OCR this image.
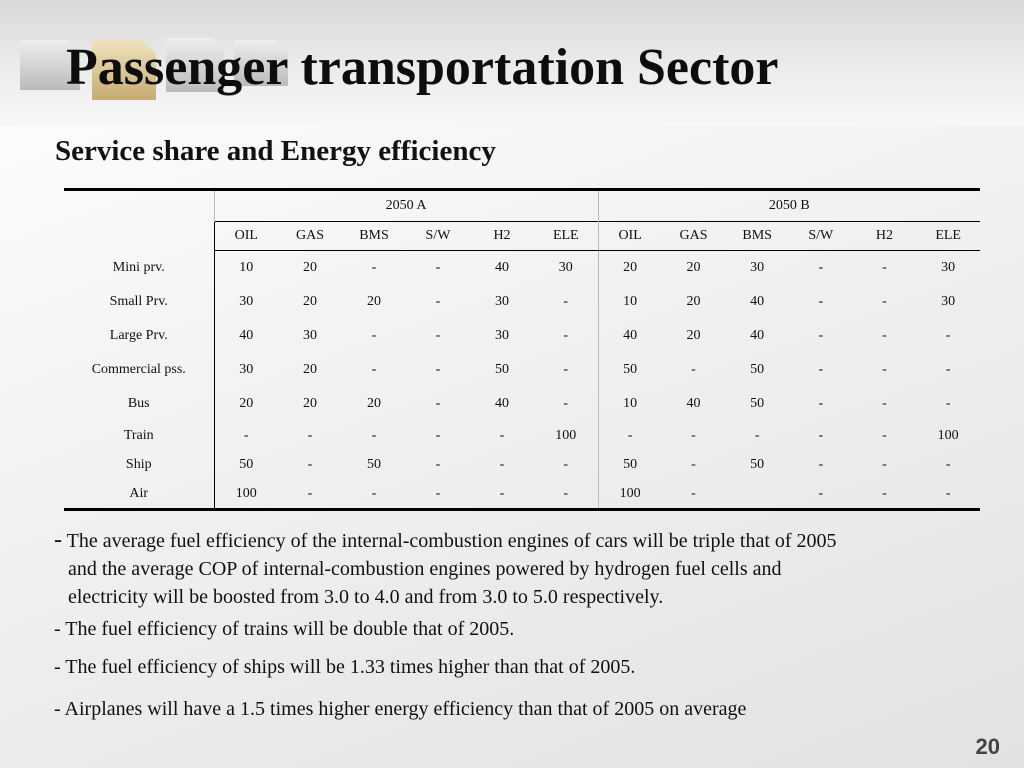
Passenger transportation Sector
Service share and Energy efficiency
	2050 A						2050 B					
	OIL	GAS	BMS	S/W	H2	ELE	OIL	GAS	BMS	S/W	H2	ELE
Mini prv.	10	20	-	-	40	30	20	20	30	-	-	30
Small Prv.	30	20	20	-	30	-	10	20	40	-	-	30
Large Prv.	40	30	-	-	30	-	40	20	40	-	-	-
Commercial pss.	30	20	-	-	50	-	50	-	50	-	-	-
Bus	20	20	20	-	40	-	10	40	50	-	-	-
Train	-	-	-	-	-	100	-	-	-	-	-	100
Ship	50	-	50	-	-	-	50	-	50	-	-	-
Air	100	-	-	-	-	-	100	-		-	-	-

- The average fuel efficiency of the internal-combustion engines of cars will be triple that of 2005
and the average COP of internal-combustion engines powered by hydrogen fuel cells and
electricity will be boosted from 3.0 to 4.0 and from 3.0 to 5.0 respectively.

- The fuel efficiency of trains will be double that of 2005.

- The fuel efficiency of ships will be 1.33 times higher than that of 2005.

- Airplanes will have a 1.5 times higher energy efficiency than that of 2005 on average

20
